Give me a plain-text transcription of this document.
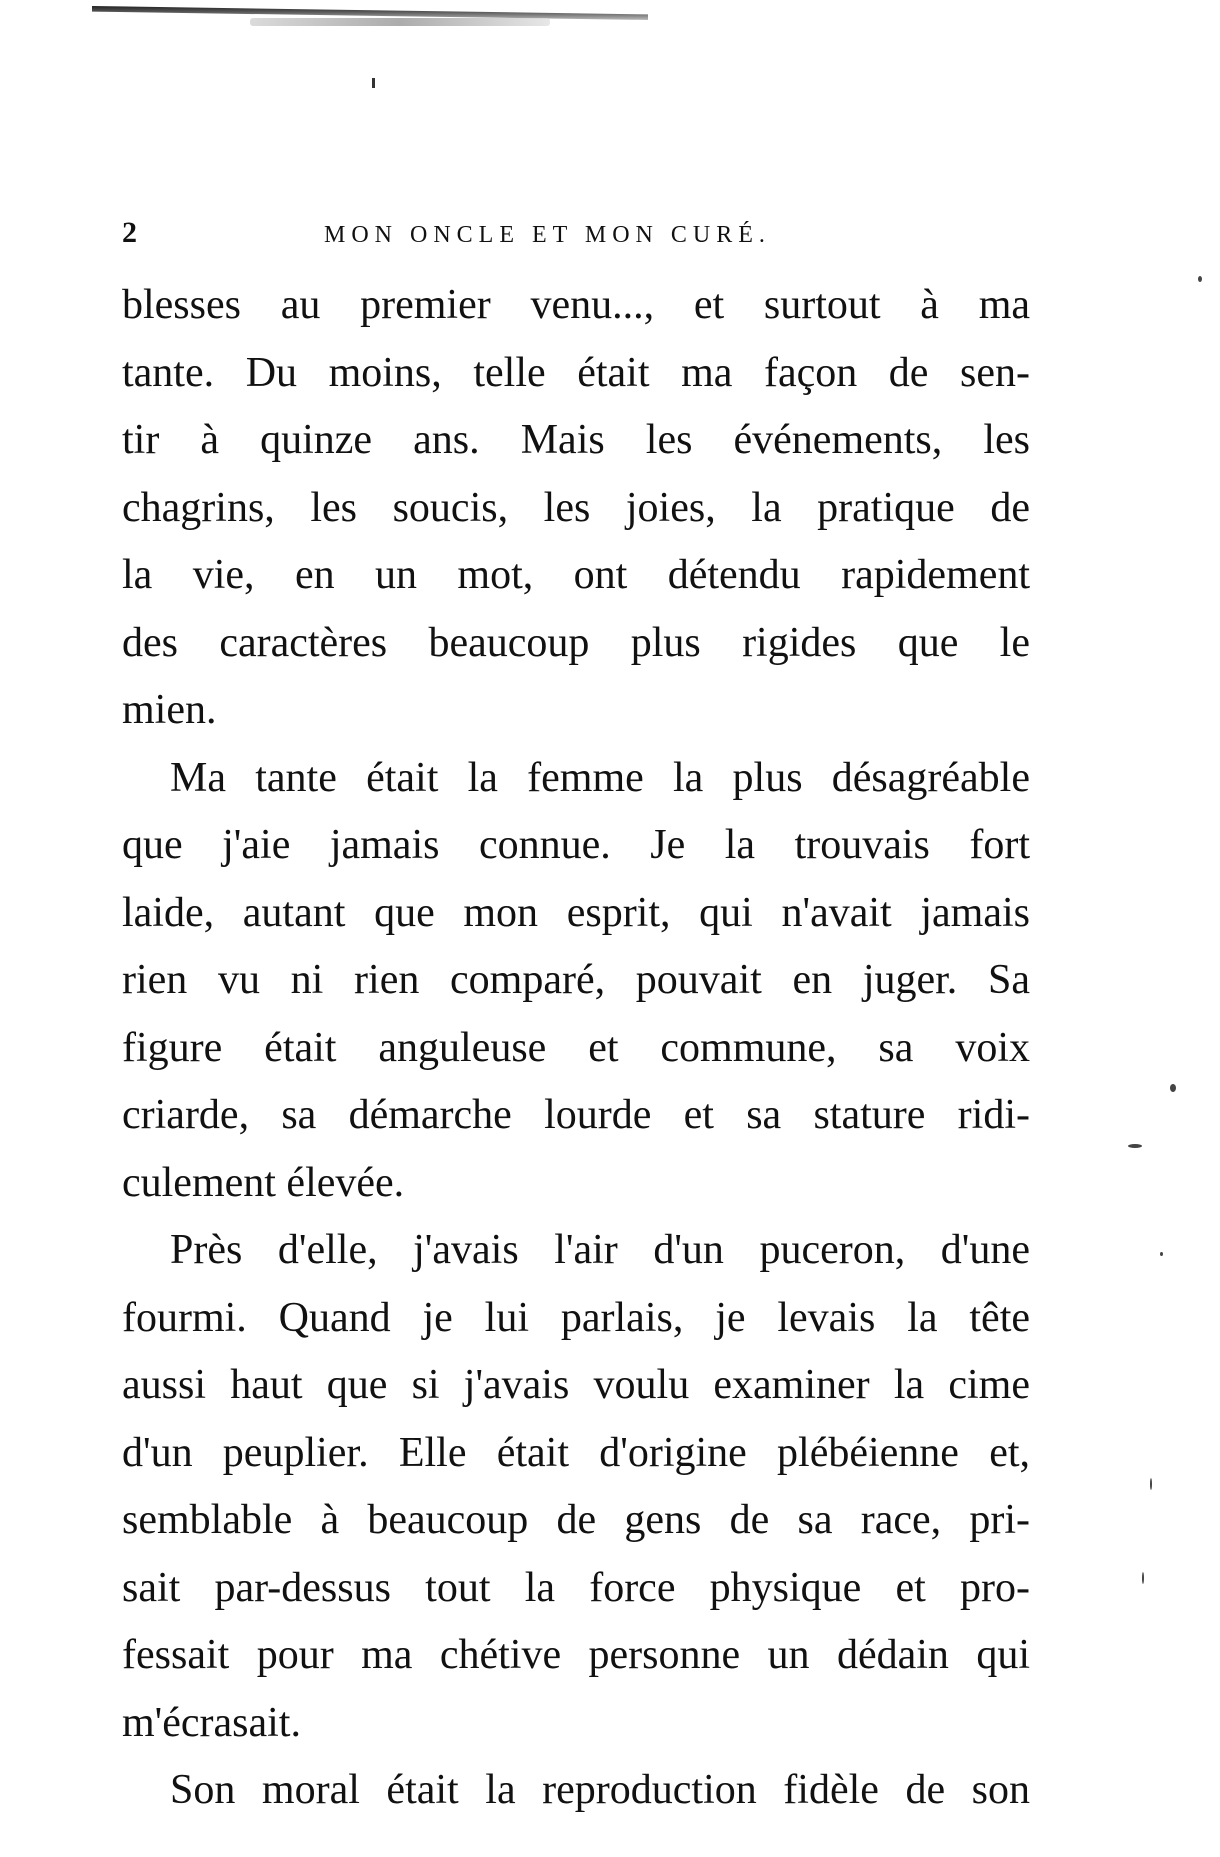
2	MON ONCLE ET MON CURÉ.
blesses au premier venu..., et surtout à ma
tante. Du moins, telle était ma façon de sen-
tir à quinze ans. Mais les événements, les
chagrins, les soucis, les joies, la pratique de
la vie, en un mot, ont détendu rapidement
des caractères beaucoup plus rigides que le
mien.
Ma tante était la femme la plus désagréable
que j'aie jamais connue. Je la trouvais fort
laide, autant que mon esprit, qui n'avait jamais
rien vu ni rien comparé, pouvait en juger. Sa
figure était anguleuse et commune, sa voix
criarde, sa démarche lourde et sa stature ridi-
culement élevée.
Près d'elle, j'avais l'air d'un puceron, d'une
fourmi. Quand je lui parlais, je levais la tête
aussi haut que si j'avais voulu examiner la cime
d'un peuplier. Elle était d'origine plébéienne et,
semblable à beaucoup de gens de sa race, pri-
sait par-dessus tout la force physique et pro-
fessait pour ma chétive personne un dédain qui
m'écrasait.
Son moral était la reproduction fidèle de son
